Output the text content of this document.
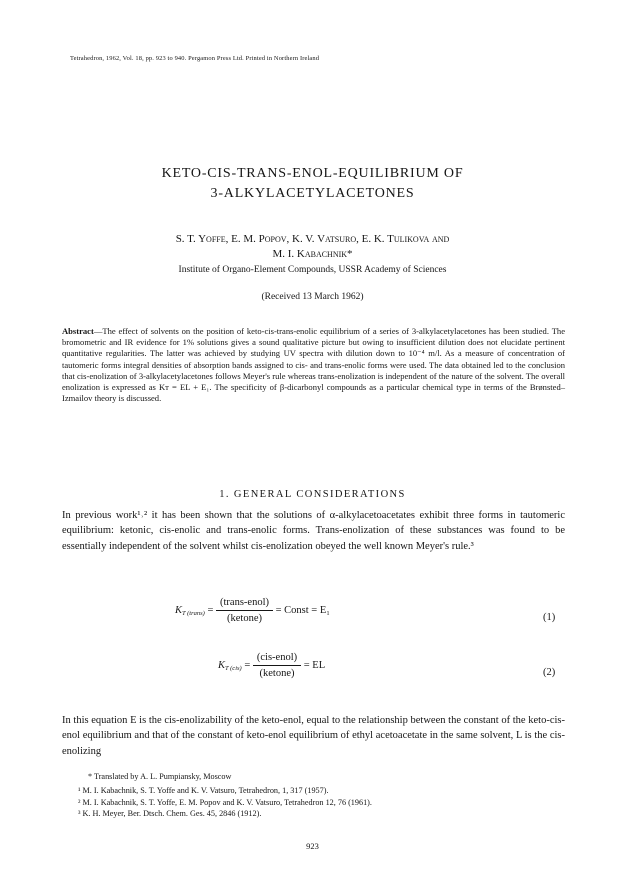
Tetrahedron, 1962, Vol. 18, pp. 923 to 940. Pergamon Press Ltd. Printed in Northern Ireland
KETO-CIS-TRANS-ENOL-EQUILIBRIUM OF
3-ALKYLACETYLACETONES
S. T. Yoffe, E. M. Popov, K. V. Vatsuro, E. K. Tulikova and
M. I. Kabachnik*
Institute of Organo-Element Compounds, USSR Academy of Sciences
(Received 13 March 1962)
Abstract—The effect of solvents on the position of keto-cis-trans-enolic equilibrium of a series of 3-alkylacetylacetones has been studied. The bromometric and IR evidence for 1% solutions gives a sound qualitative picture but owing to insufficient dilution does not elucidate pertinent quantitative regularities. The latter was achieved by studying UV spectra with dilution down to 10⁻⁴ m/l. As a measure of concentration of tautomeric forms integral densities of absorption bands assigned to cis- and trans-enolic forms were used. The data obtained led to the conclusion that cis-enolization of 3-alkylacetylacetones follows Meyer's rule whereas trans-enolization is independent of the nature of the solvent. The overall enolization is expressed as Kᴛ = EL + E₁. The specificity of β-dicarbonyl compounds as a particular chemical type in terms of the Brønsted–Izmailov theory is discussed.
1. GENERAL CONSIDERATIONS

In previous work¹˒² it has been shown that the solutions of α-alkylacetoacetates exhibit three forms in tautomeric equilibrium: ketonic, cis-enolic and trans-enolic forms. Trans-enolization of these substances was found to be essentially independent of the solvent whilst cis-enolization obeyed the well known Meyer's rule.³

$K_{T (trans)} = \frac{\text{(trans-enol)}}{\text{(ketone)}}$ = Const = E₁
(1)
$K_{T (cis)} = \frac{\text{(cis-enol)}}{\text{(ketone)}}$ = EL
(2)

In this equation E is the cis-enolizability of the keto-enol, equal to the relationship between the constant of the keto-cis-enol equilibrium and that of the constant of keto-enol equilibrium of ethyl acetoacetate in the same solvent, L is the cis-enolizing

* Translated by A. L. Pumpiansky, Moscow
¹ M. I. Kabachnik, S. T. Yoffe and K. V. Vatsuro, Tetrahedron, 1, 317 (1957).
² M. I. Kabachnik, S. T. Yoffe, E. M. Popov and K. V. Vatsuro, Tetrahedron 12, 76 (1961).
³ K. H. Meyer, Ber. Dtsch. Chem. Ges. 45, 2846 (1912).
923
